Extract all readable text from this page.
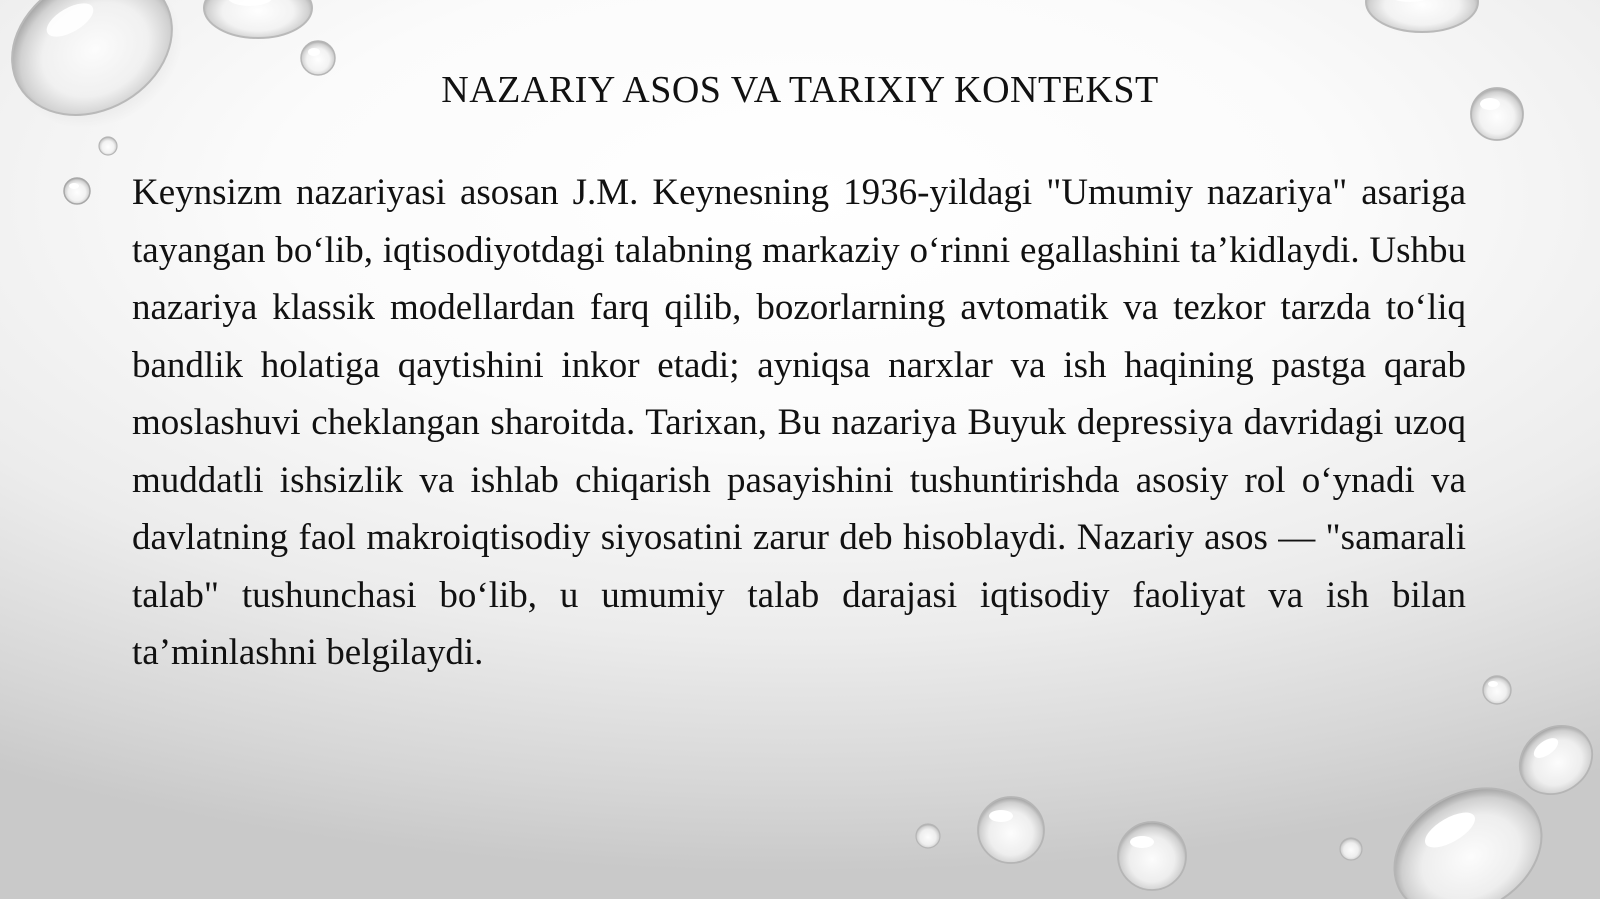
NAZARIY ASOS VA TARIXIY KONTEKST

Keynsizm nazariyasi asosan J.M. Keynesning 1936-yildagi "Umumiy nazariya" asariga tayangan bo‘lib, iqtisodiyotdagi talabning markaziy o‘rinni egallashini ta’kidlaydi. Ushbu nazariya klassik modellardan farq qilib, bozorlarning avtomatik va tezkor tarzda to‘liq bandlik holatiga qaytishini inkor etadi; ayniqsa narxlar va ish haqining pastga qarab moslashuvi cheklangan sharoitda. Tarixan, Bu nazariya Buyuk depressiya davridagi uzoq muddatli ishsizlik va ishlab chiqarish pasayishini tushuntirishda asosiy rol o‘ynadi va davlatning faol makroiqtisodiy siyosatini zarur deb hisoblaydi. Nazariy asos — "samarali talab" tushunchasi bo‘lib, u umumiy talab darajasi iqtisodiy faoliyat va ish bilan ta’minlashni belgilaydi.
